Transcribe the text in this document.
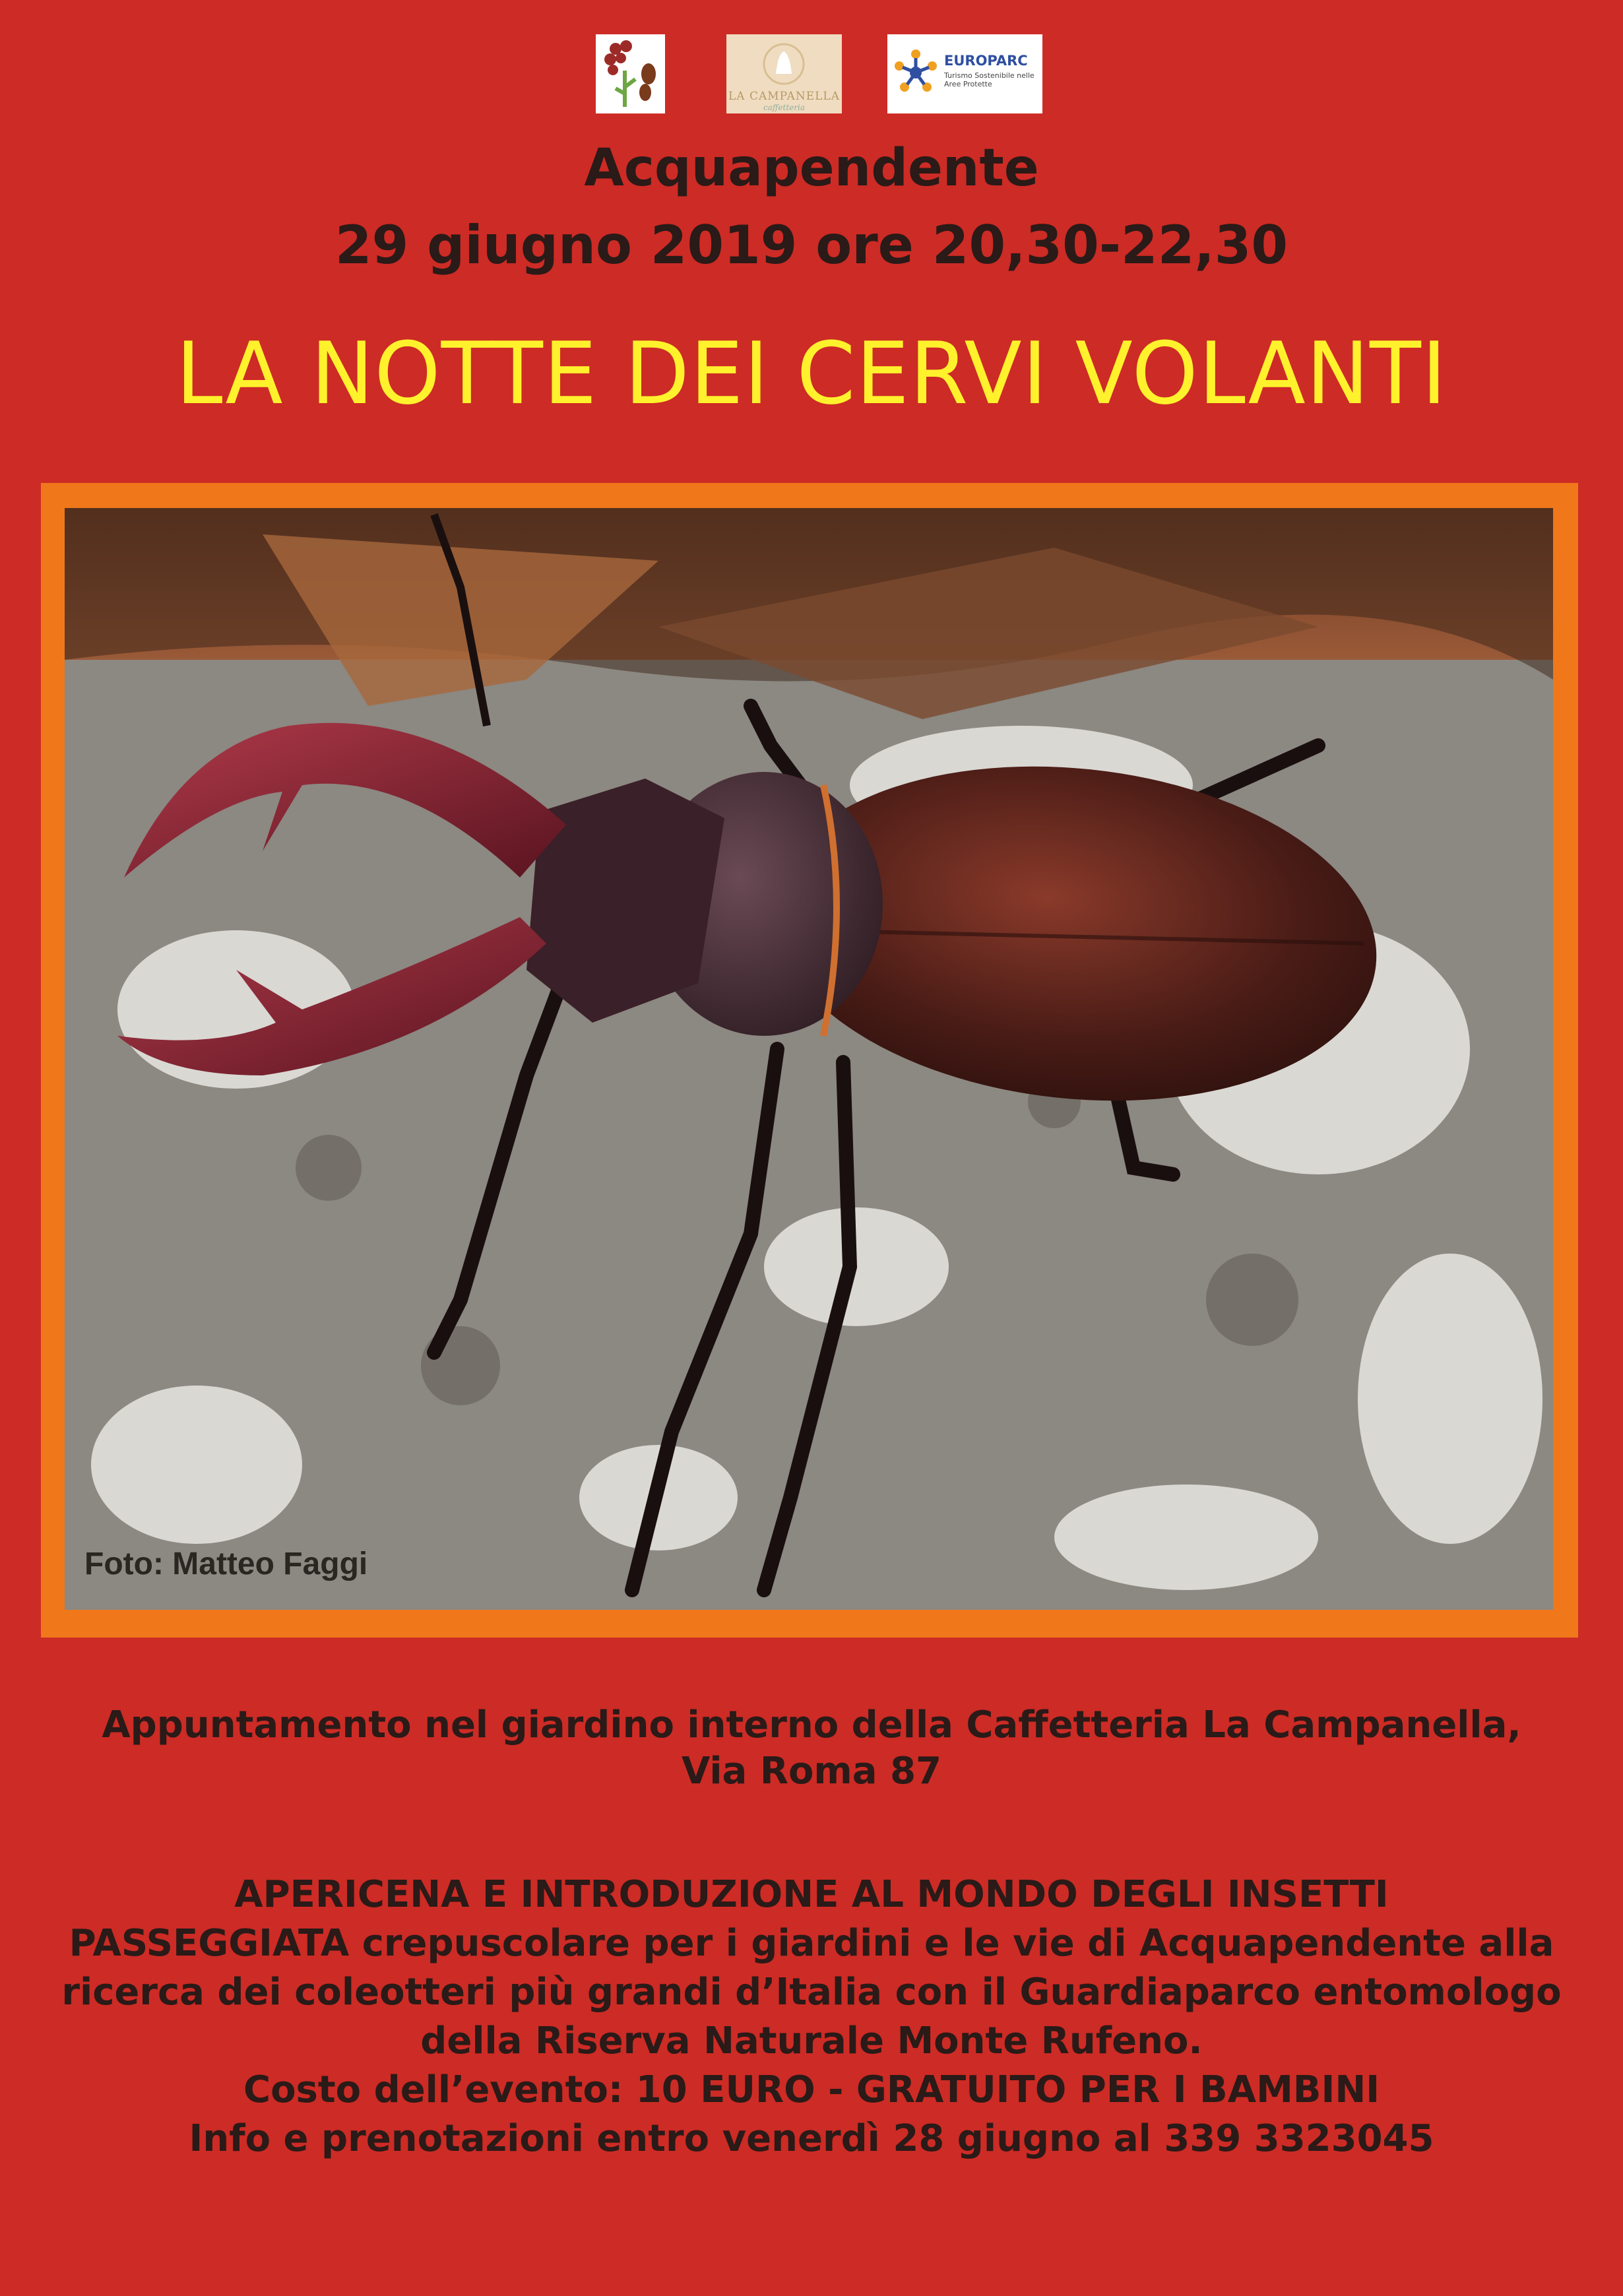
LA CAMPANELLA
caffetteria
EUROPARC
Turismo Sostenibile nelle Aree Protette
Acquapendente
29 giugno 2019 ore 20,30-22,30
LA NOTTE DEI CERVI VOLANTI
Foto: Matteo Faggi
Appuntamento nel giardino interno della Caffetteria La Campanella,
Via Roma 87
APERICENA E INTRODUZIONE AL MONDO DEGLI INSETTI
PASSEGGIATA crepuscolare per i giardini e le vie di Acquapendente alla
ricerca dei coleotteri più grandi d’Italia con il Guardiaparco entomologo
della Riserva Naturale Monte Rufeno.
Costo dell’evento: 10 EURO - GRATUITO PER I BAMBINI
Info e prenotazioni entro venerdì 28 giugno al 339 3323045
